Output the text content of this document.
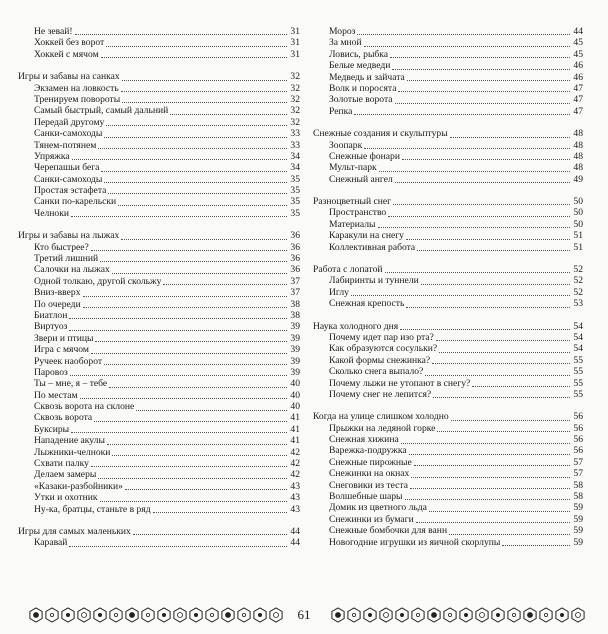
Не зевай!	31
Хоккей без ворот	31
Хоккей с мячом	31
Игры и забавы на санках	32
Экзамен на ловкость	32
Тренируем повороты	32
Самый быстрый, самый дальний	32
Передай другому	32
Санки-самоходы	33
Тянем-потянем	33
Упряжка	34
Черепашьи бега	34
Санки-самоходы	35
Простая эстафета	35
Санки по-карельски	35
Челноки	35
Игры и забавы на лыжах	36
Кто быстрее?	36
Третий лишний	36
Салочки на лыжах	36
Одной толкаю, другой скольжу	37
Вниз-вверх	37
По очереди	38
Биатлон	38
Виртуоз	39
Звери и птицы	39
Игра с мячом	39
Ручеек наоборот	39
Паровоз	39
Ты – мне, я – тебе	40
По местам	40
Сквозь ворота на склоне	40
Сквозь ворота	41
Буксиры	41
Нападение акулы	41
Лыжники-челноки	42
Схвати палку	42
Делаем замеры	42
«Казаки-разбойники»	43
Утки и охотник	43
Ну-ка, братцы, станьте в ряд	43
Игры для самых маленьких	44
Каравай	44
Мороз	44
За мной	45
Ловись, рыбка	45
Белые медведи	46
Медведь и зайчата	46
Волк и поросята	47
Золотые ворота	47
Репка	47
Снежные создания и скульптуры	48
Зоопарк	48
Снежные фонари	48
Мульт-парк	48
Снежный ангел	49
Разноцветный снег	50
Пространство	50
Материалы	50
Каракули на снегу	51
Коллективная работа	51
Работа с лопатой	52
Лабиринты и туннели	52
Иглу	52
Снежная крепость	53
Наука холодного дня	54
Почему идет пар изо рта?	54
Как образуются сосульки?	54
Какой формы снежинка?	55
Сколько снега выпало?	55
Почему лыжи не утопают в снегу?	55
Почему снег не лепится?	55
Когда на улице слишком холодно	56
Прыжки на ледяной горке	56
Снежная хижина	56
Варежка-подружка	56
Снежные пирожные	57
Снежинки на окнах	57
Снеговики из теста	58
Волшебные шары	58
Домик из цветного льда	59
Снежинки из бумаги	59
Снежные бомбочки для ванн	59
Новогодние игрушки из яичной скорлупы	59
61
